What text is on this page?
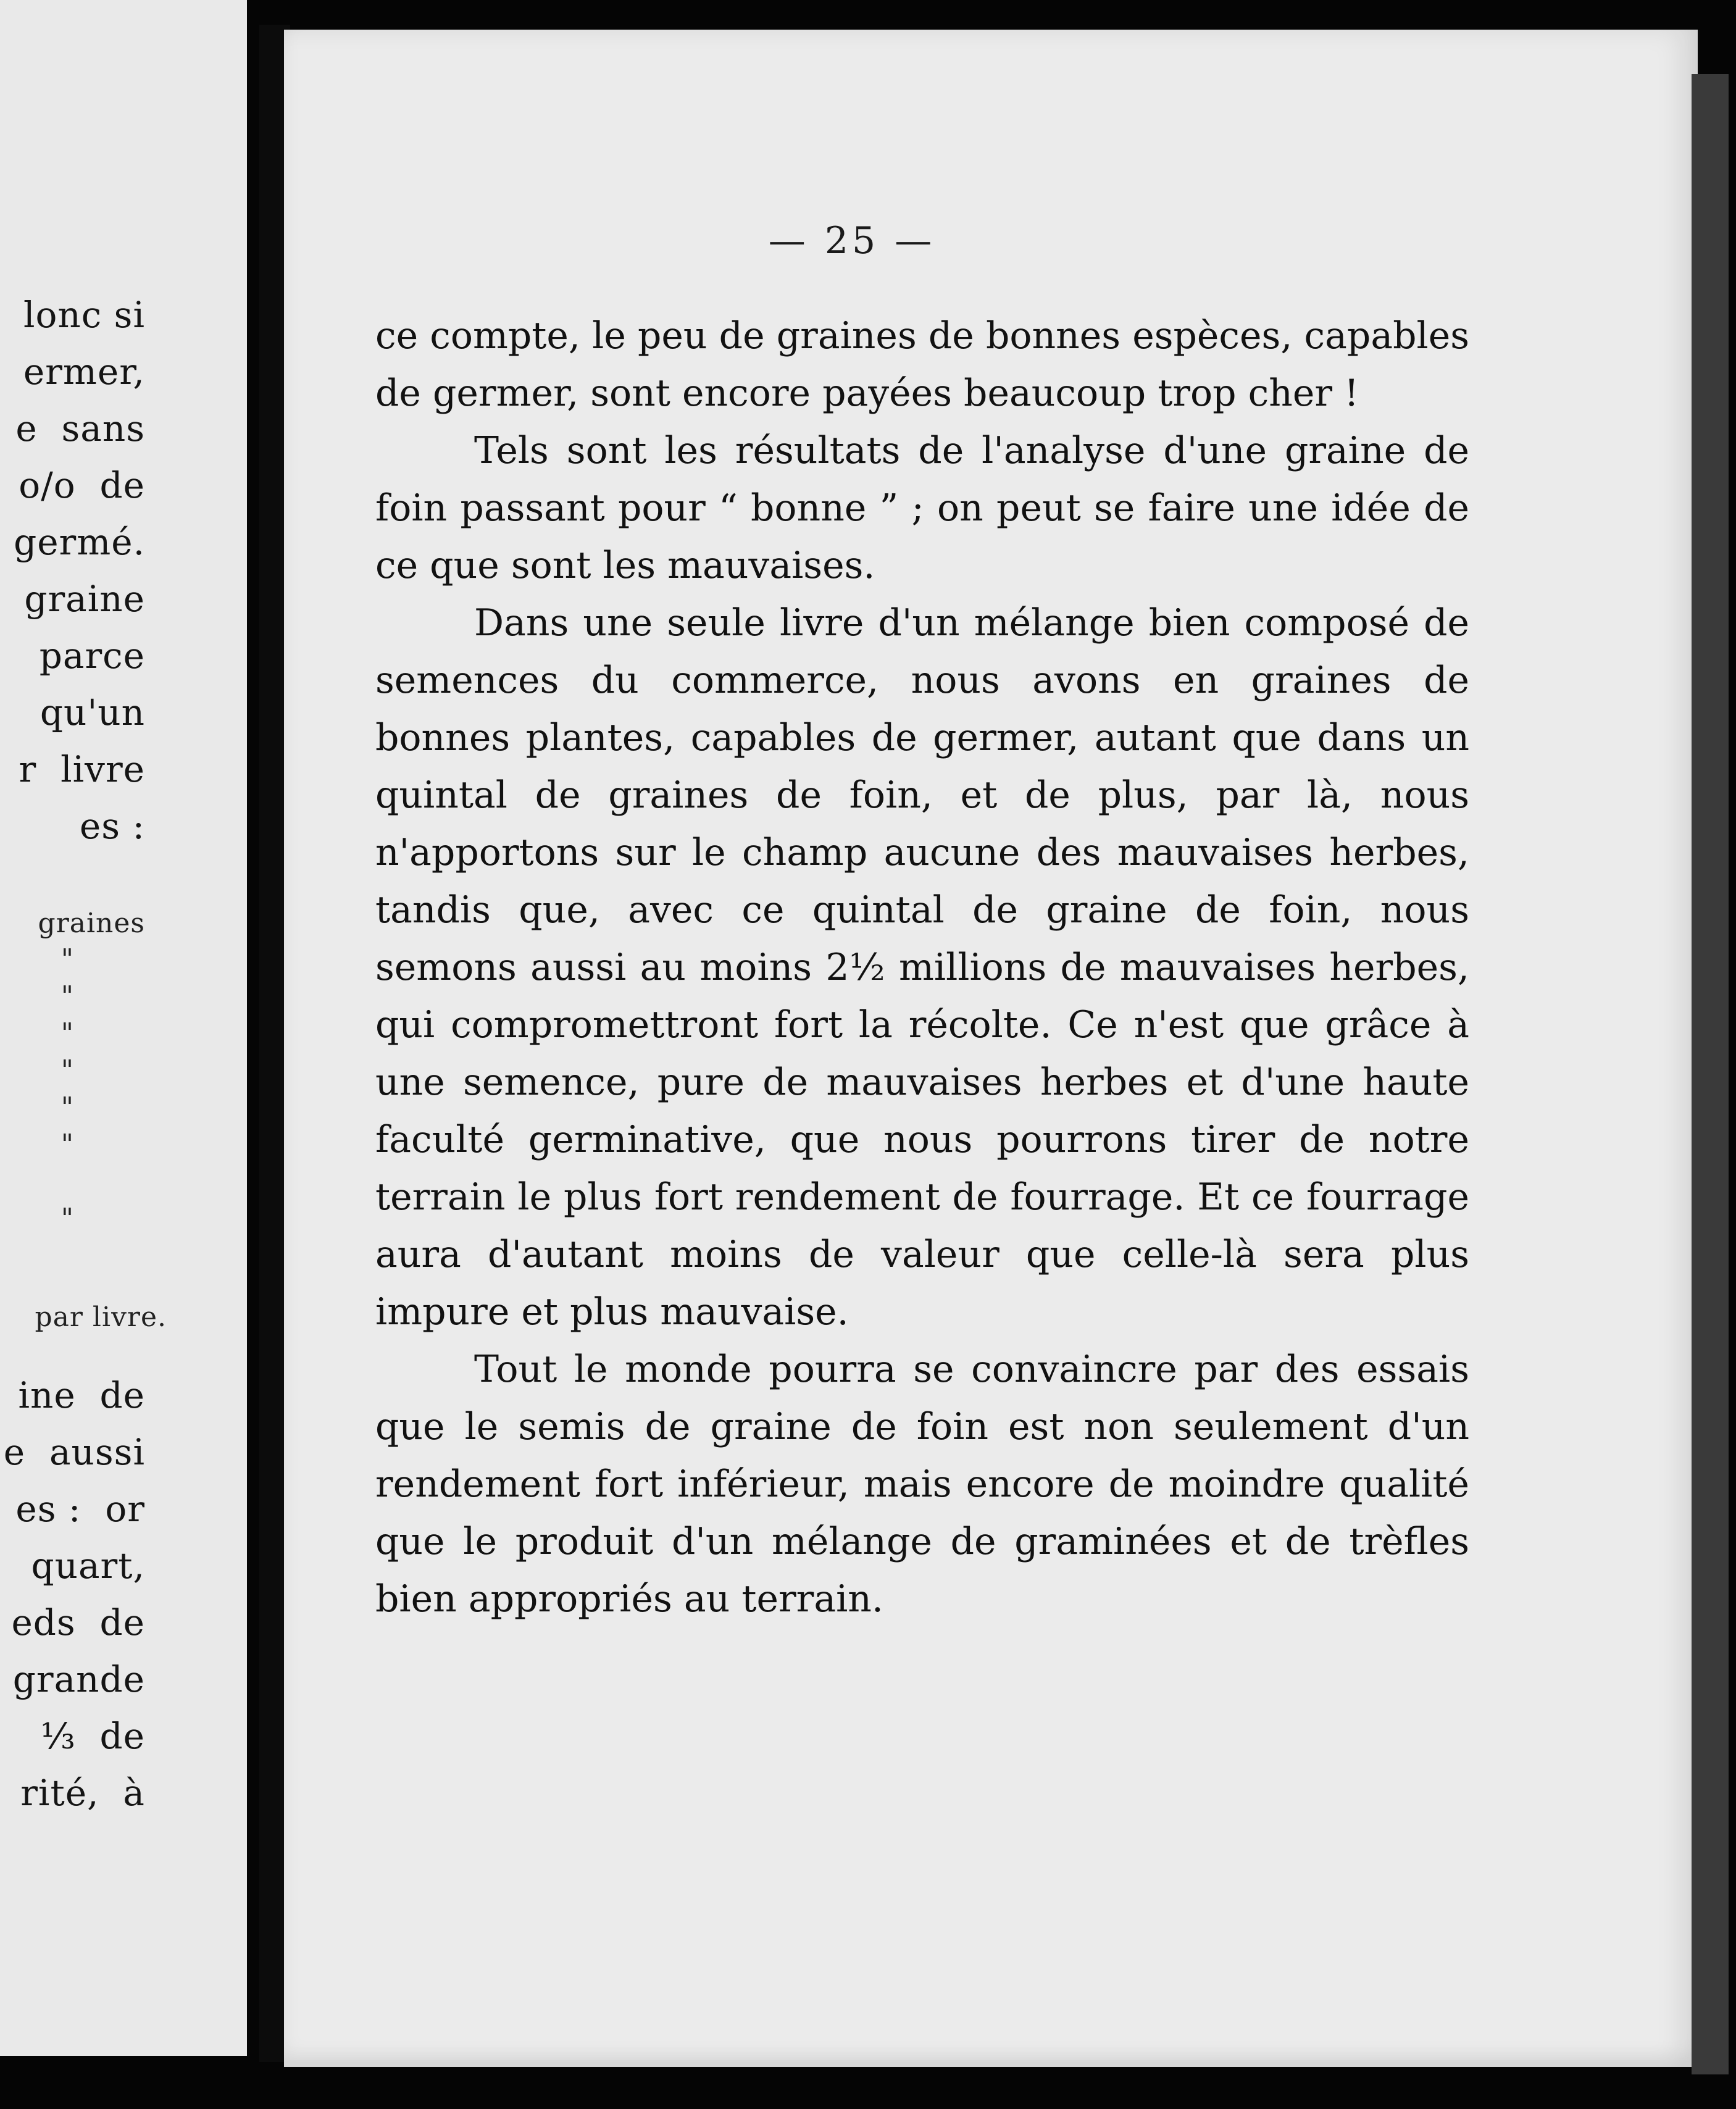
lonc si
ermer,
e  sans
o/o  de
germé.
graine
parce
qu'un
r  livre
es :
graines
"
"
"
"
"
"
"
par livre.
ine  de
e  aussi
es :  or
quart,
eds  de
grande
⅓  de
rité,  à
— 25 —

ce compte, le peu de graines de bonnes espèces, capables de germer, sont encore payées beaucoup trop cher !

Tels sont les résultats de l'analyse d'une graine de foin passant pour “ bonne ” ; on peut se faire une idée de ce que sont les mauvaises.

Dans une seule livre d'un mélange bien composé de semences du commerce, nous avons en graines de bonnes plantes, capables de germer, autant que dans un quintal de graines de foin, et de plus, par là, nous n'apportons sur le champ aucune des mauvaises herbes, tandis que, avec ce quintal de graine de foin, nous semons aussi au moins 2½ millions de mauvaises herbes, qui compromettront fort la récolte. Ce n'est que grâce à une semence, pure de mauvaises herbes et d'une haute faculté germinative, que nous pourrons tirer de notre terrain le plus fort rendement de fourrage. Et ce fourrage aura d'autant moins de valeur que celle-là sera plus impure et plus mauvaise.

Tout le monde pourra se convaincre par des essais que le semis de graine de foin est non seulement d'un rendement fort inférieur, mais encore de moindre qualité que le produit d'un mélange de graminées et de trèfles bien appropriés au terrain.
